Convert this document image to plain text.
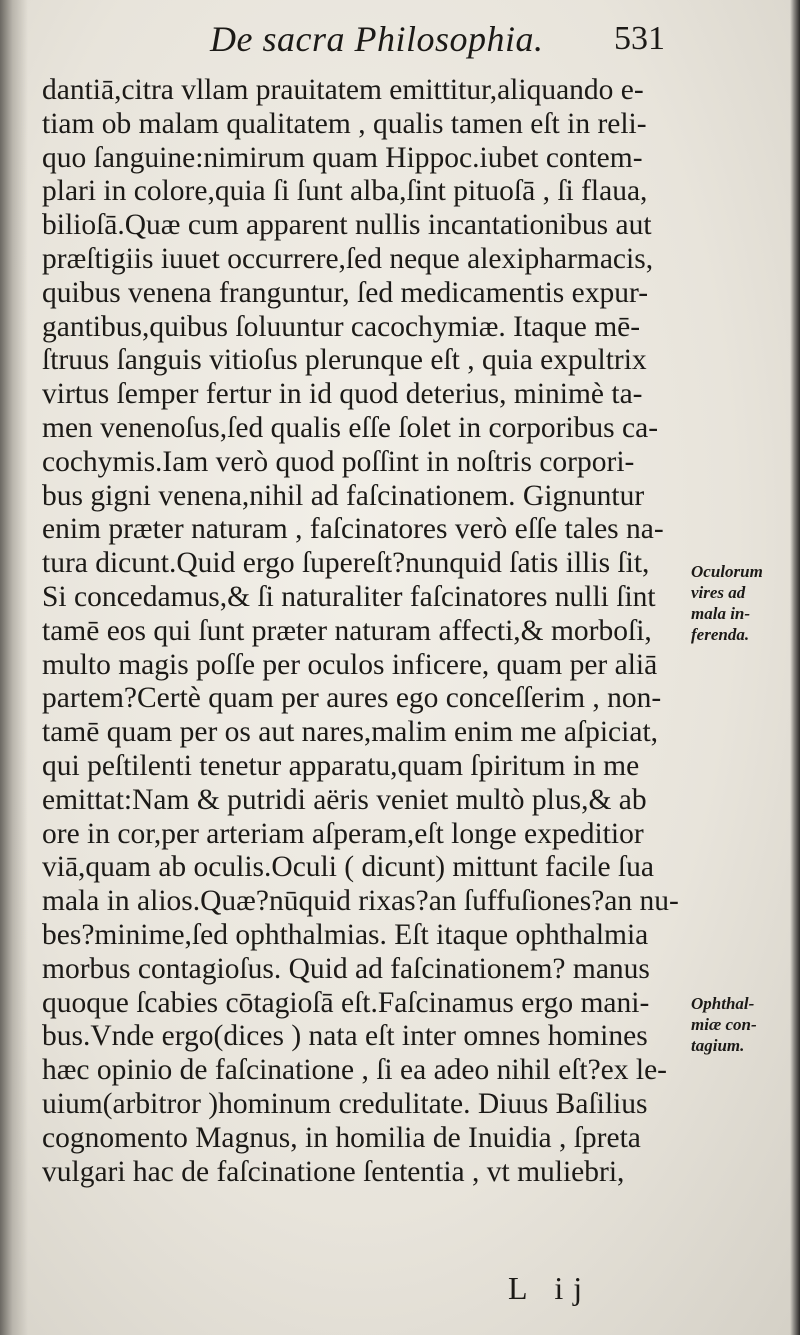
De sacra Philosophia. 531
dantiā,citra vllam prauitatem emittitur,aliquando e-
tiam ob malam qualitatem , qualis tamen eſt in reli-
quo ſanguine:nimirum quam Hippoc.iubet contem-
plari in colore,quia ſi ſunt alba,ſint pituoſā , ſi flaua,
bilioſā.Quæ cum apparent nullis incantationibus aut
præſtigiis iuuet occurrere,ſed neque alexipharmacis,
quibus venena franguntur, ſed medicamentis expur-
gantibus,quibus ſoluuntur cacochymiæ. Itaque mē-
ſtruus ſanguis vitioſus plerunque eſt , quia expultrix
virtus ſemper fertur in id quod deterius, minimè ta-
men venenoſus,ſed qualis eſſe ſolet in corporibus ca-
cochymis.Iam verò quod poſſint in noſtris corpori-
bus gigni venena,nihil ad faſcinationem. Gignuntur
enim præter naturam , faſcinatores verò eſſe tales na-
tura dicunt.Quid ergo ſupereſt?nunquid ſatis illis ſit,
Si concedamus,& ſi naturaliter faſcinatores nulli ſint
tamē eos qui ſunt præter naturam affecti,& morboſi,
multo magis poſſe per oculos inficere, quam per aliā
partem?Certè quam per aures ego conceſſerim , non-
tamē quam per os aut nares,malim enim me aſpiciat,
qui peſtilenti tenetur apparatu,quam ſpiritum in me
emittat:Nam & putridi aëris veniet multò plus,& ab
ore in cor,per arteriam aſperam,eſt longe expeditior
viā,quam ab oculis.Oculi ( dicunt) mittunt facile ſua
mala in alios.Quæ?nūquid rixas?an ſuffuſiones?an nu-
bes?minime,ſed ophthalmias. Eſt itaque ophthalmia
morbus contagioſus. Quid ad faſcinationem? manus
quoque ſcabies cōtagioſā eſt.Faſcinamus ergo mani-
bus.Vnde ergo(dices ) nata eſt inter omnes homines
hæc opinio de faſcinatione , ſi ea adeo nihil eſt?ex le-
uium(arbitror )hominum credulitate. Diuus Baſilius
cognomento Magnus, in homilia de Inuidia , ſpreta
vulgari hac de faſcinatione ſententia , vt muliebri,
Oculorum
vires ad
mala in-
ferenda.
Ophthal-
miæ con-
tagium.
L ij
